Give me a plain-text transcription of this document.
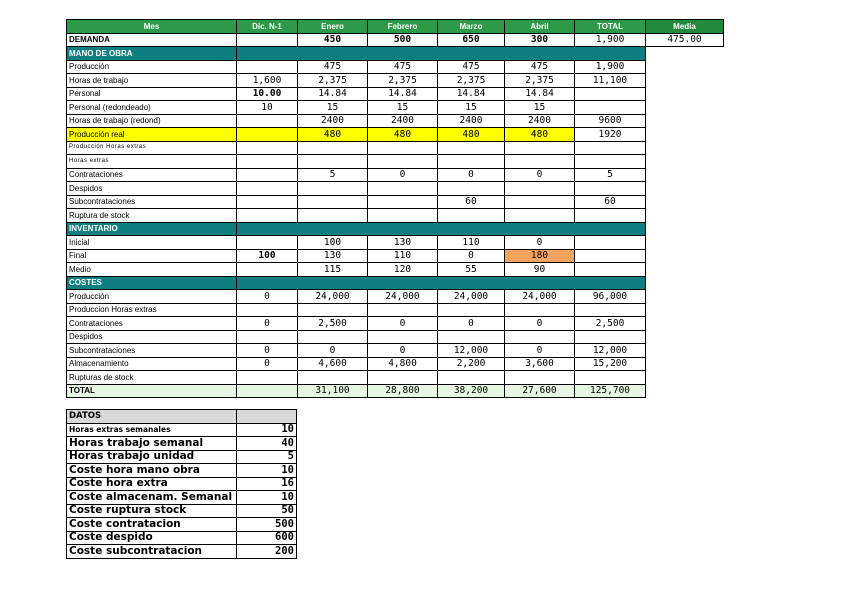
Mes	Dic. N-1	Enero	Febrero	Marzo	Abril	TOTAL	Media
DEMANDA		450	500	650	300	1,900	475.00
MANO DE OBRA							
Producción		475	475	475	475	1,900	
Horas de trabajo	1,600	2,375	2,375	2,375	2,375	11,100	
Personal	10.00	14.84	14.84	14.84	14.84		
Personal (redondeado)	10	15	15	15	15		
Horas de trabajo (redond)		2400	2400	2400	2400	9600	
Producción real		480	480	480	480	1920	
Producción Horas extras							
Horas extras							
Contrataciones		5	0	0	0	5	
Despidos							
Subcontrataciones				60		60	
Ruptura de stock							
INVENTARIO							
Inicial		100	130	110	0		
Final	100	130	110	0	180		
Medio		115	120	55	90		
COSTES							
Producción	0	24,000	24,000	24,000	24,000	96,000	
Produccion Horas extras							
Contrataciones	0	2,500	0	0	0	2,500	
Despidos							
Subcontrataciones	0	0	0	12,000	0	12,000	
Almacenamiento	0	4,600	4,800	2,200	3,600	15,200	
Rupturas de stock							
TOTAL		31,100	28,800	38,200	27,600	125,700	
DATOS	
Horas extras semanales	10
Horas trabajo semanal	40
Horas trabajo unidad	5
Coste hora mano obra	10
Coste hora extra	16
Coste almacenam. Semanal	10
Coste ruptura stock	50
Coste contratacion	500
Coste despido	600
Coste subcontratacion	200
